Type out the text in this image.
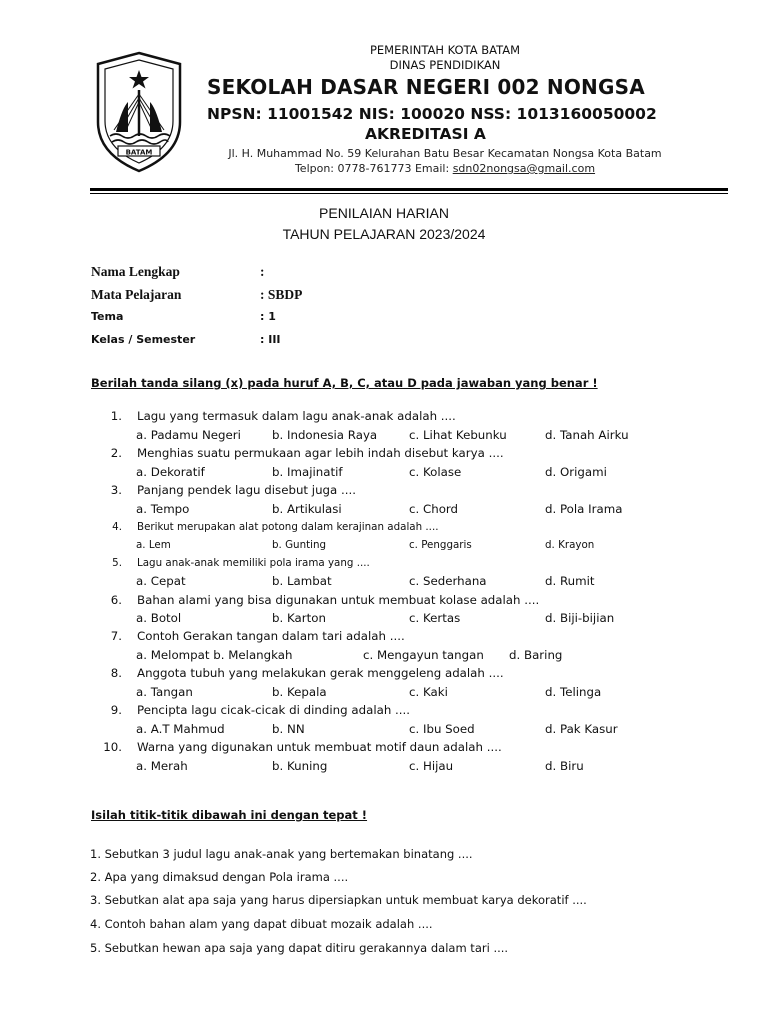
BATAM
PEMERINTAH KOTA BATAM
DINAS PENDIDIKAN
SEKOLAH DASAR NEGERI 002 NONGSA
NPSN: 11001542 NIS: 100020 NSS: 1013160050002
AKREDITASI A
Jl. H. Muhammad No. 59 Kelurahan Batu Besar Kecamatan Nongsa Kota Batam
Telpon: 0778-761773 Email: sdn02nongsa@gmail.com
PENILAIAN HARIAN
TAHUN PELAJARAN 2023/2024
Nama Lengkap	:
Mata Pelajaran	: SBDP
Tema	: 1
Kelas / Semester	: III
Berilah tanda silang (x) pada huruf A, B, C, atau D pada jawaban yang benar !
1. Lagu yang termasuk dalam lagu anak-anak adalah ....
a. Padamu Negeri	b. Indonesia Raya	c. Lihat Kebunku	d. Tanah Airku
2. Menghias suatu permukaan agar lebih indah disebut karya ....
a. Dekoratif	b. Imajinatif	c. Kolase	d. Origami
3. Panjang pendek lagu disebut juga ....
a. Tempo	b. Artikulasi	c. Chord	d. Pola Irama
4. Berikut merupakan alat potong dalam kerajinan adalah ....
a. Lem	b. Gunting	c. Penggaris	d. Krayon
5. Lagu anak-anak memiliki pola irama yang ....
a. Cepat	b. Lambat	c. Sederhana	d. Rumit
6. Bahan alami yang bisa digunakan untuk membuat kolase adalah ....
a. Botol	b. Karton	c. Kertas	d. Biji-bijian
7. Contoh Gerakan tangan dalam tari adalah ....
a. Melompat b. Melangkah	c. Mengayun tangan d. Baring
8. Anggota tubuh yang melakukan gerak menggeleng adalah ....
a. Tangan	b. Kepala	c. Kaki	d. Telinga
9. Pencipta lagu cicak-cicak di dinding adalah ....
a. A.T Mahmud	b. NN	c. Ibu Soed	d. Pak Kasur
10. Warna yang digunakan untuk membuat motif daun adalah ....
a. Merah	b. Kuning	c. Hijau	d. Biru
Isilah titik-titik dibawah ini dengan tepat !
1. Sebutkan 3 judul lagu anak-anak yang bertemakan binatang ....
2. Apa yang dimaksud dengan Pola irama ....
3. Sebutkan alat apa saja yang harus dipersiapkan untuk membuat karya dekoratif ....
4. Contoh bahan alam yang dapat dibuat mozaik adalah ....
5. Sebutkan hewan apa saja yang dapat ditiru gerakannya dalam tari ....
